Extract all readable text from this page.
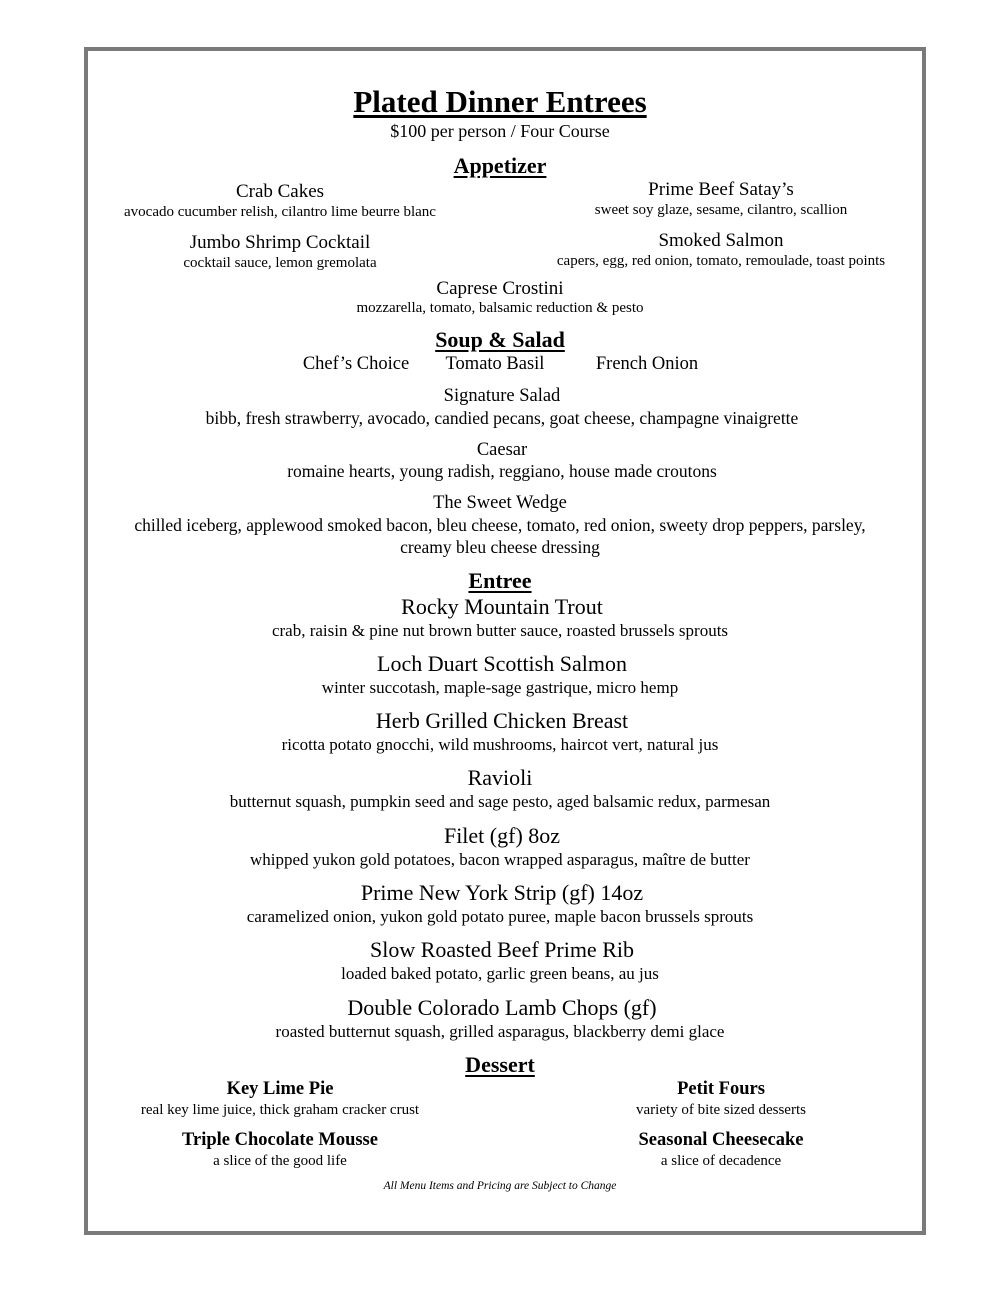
Plated Dinner Entrees
$100 per person / Four Course
Appetizer
Crab Cakes
avocado cucumber relish, cilantro lime beurre blanc
Prime Beef Satay’s
sweet soy glaze, sesame, cilantro, scallion
Jumbo Shrimp Cocktail
cocktail sauce, lemon gremolata
Smoked Salmon
capers, egg, red onion, tomato, remoulade, toast points
Caprese Crostini
mozzarella, tomato, balsamic reduction & pesto
Soup & Salad
Chef’s Choice Tomato Basil	French Onion
Signature Salad
bibb, fresh strawberry, avocado, candied pecans, goat cheese, champagne vinaigrette
Caesar
romaine hearts, young radish, reggiano, house made croutons
The Sweet Wedge
chilled iceberg, applewood smoked bacon, bleu cheese, tomato, red onion, sweety drop peppers, parsley,
creamy bleu cheese dressing
Entree
Rocky Mountain Trout
crab, raisin & pine nut brown butter sauce, roasted brussels sprouts
Loch Duart Scottish Salmon
winter succotash, maple-sage gastrique, micro hemp
Herb Grilled Chicken Breast
ricotta potato gnocchi, wild mushrooms, haircot vert, natural jus
Ravioli
butternut squash, pumpkin seed and sage pesto, aged balsamic redux, parmesan
Filet (gf) 8oz
whipped yukon gold potatoes, bacon wrapped asparagus, maître de butter
Prime New York Strip (gf) 14oz
caramelized onion, yukon gold potato puree, maple bacon brussels sprouts
Slow Roasted Beef Prime Rib
loaded baked potato, garlic green beans, au jus
Double Colorado Lamb Chops (gf)
roasted butternut squash, grilled asparagus, blackberry demi glace
Dessert
Key Lime Pie
real key lime juice, thick graham cracker crust
Petit Fours
variety of bite sized desserts
Triple Chocolate Mousse
a slice of the good life
Seasonal Cheesecake
a slice of decadence
All Menu Items and Pricing are Subject to Change
